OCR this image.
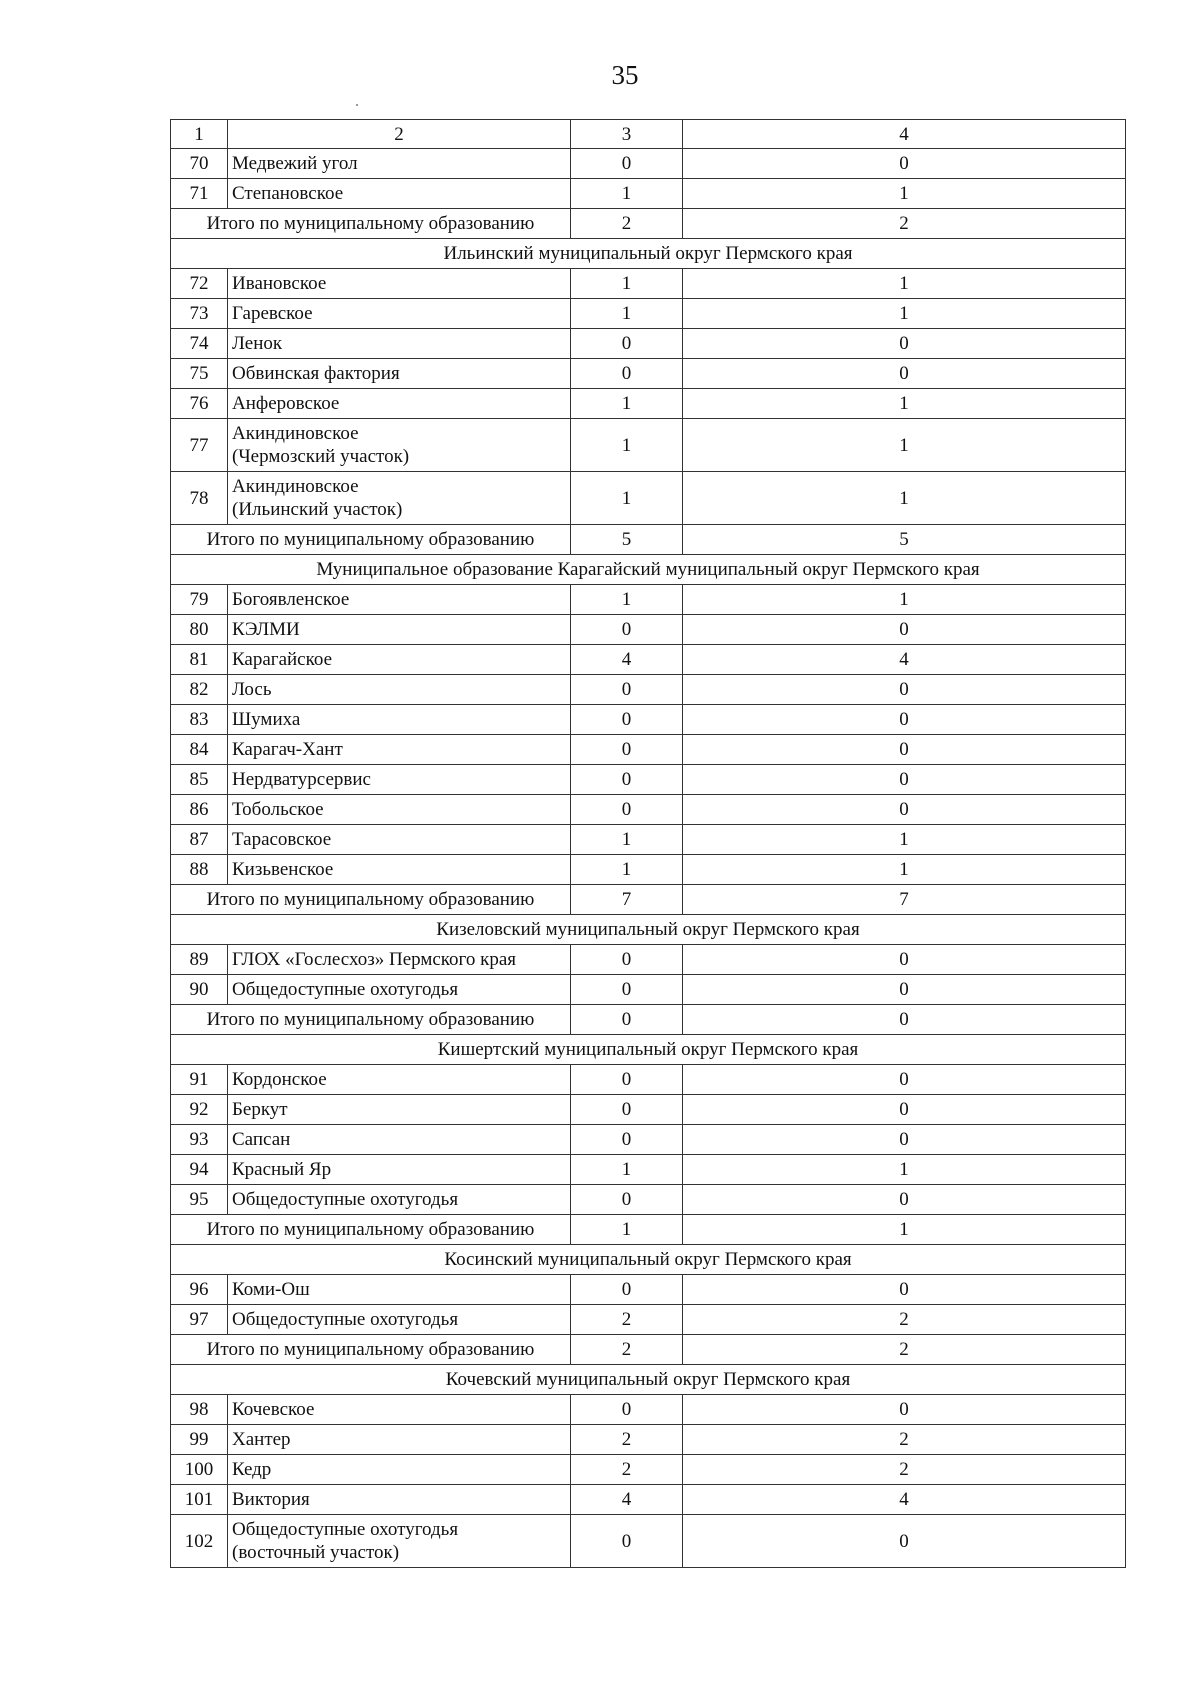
35
1	2	3	4
70	Медвежий угол	0	0
71	Степановское	1	1
Итого по муниципальному образованию		2	2
Ильинский муниципальный округ Пермского края			
72	Ивановское	1	1
73	Гаревское	1	1
74	Ленок	0	0
75	Обвинская фактория	0	0
76	Анферовское	1	1
77	Акиндиновское
(Чермозский участок)	1	1
78	Акиндиновское
(Ильинский участок)	1	1
Итого по муниципальному образованию		5	5
Муниципальное образование Карагайский муниципальный округ Пермского края			
79	Богоявленское	1	1
80	КЭЛМИ	0	0
81	Карагайское	4	4
82	Лось	0	0
83	Шумиха	0	0
84	Карагач-Хант	0	0
85	Нердватурсервис	0	0
86	Тобольское	0	0
87	Тарасовское	1	1
88	Кизьвенское	1	1
Итого по муниципальному образованию		7	7
Кизеловский муниципальный округ Пермского края			
89	ГЛОХ «Гослесхоз» Пермского края	0	0
90	Общедоступные охотугодья	0	0
Итого по муниципальному образованию		0	0
Кишертский муниципальный округ Пермского края			
91	Кордонское	0	0
92	Беркут	0	0
93	Сапсан	0	0
94	Красный Яр	1	1
95	Общедоступные охотугодья	0	0
Итого по муниципальному образованию		1	1
Косинский муниципальный округ Пермского края			
96	Коми-Ош	0	0
97	Общедоступные охотугодья	2	2
Итого по муниципальному образованию		2	2
Кочевский муниципальный округ Пермского края			
98	Кочевское	0	0
99	Хантер	2	2
100	Кедр	2	2
101	Виктория	4	4
102	Общедоступные охотугодья
(восточный участок)	0	0
